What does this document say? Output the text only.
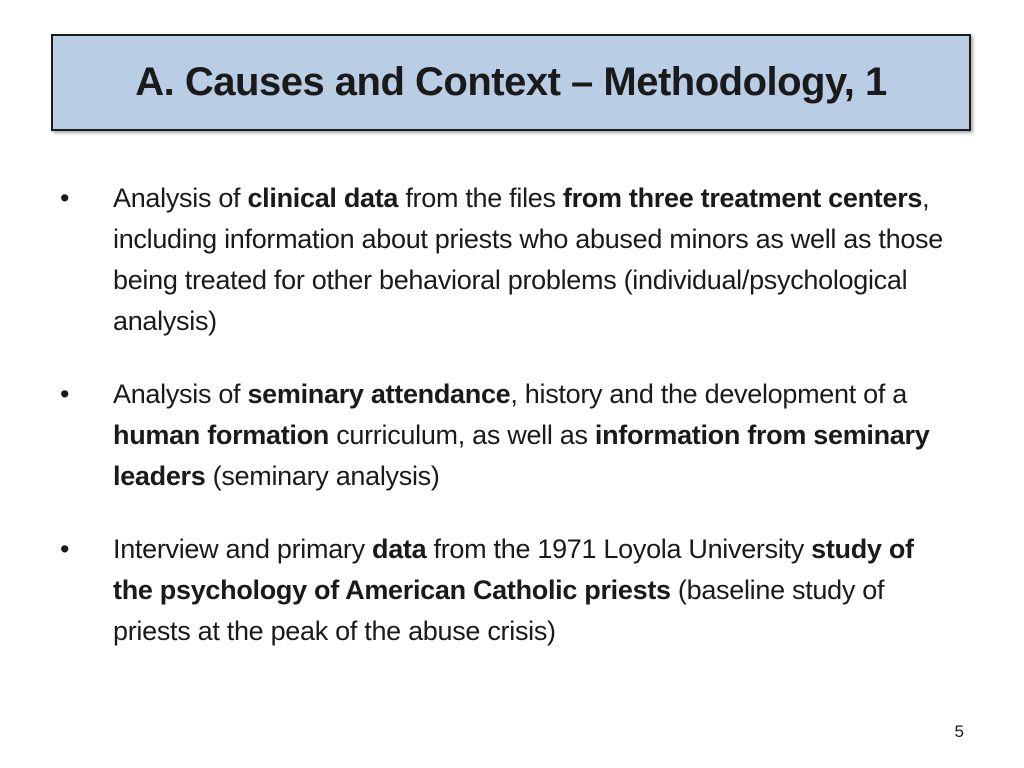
A. Causes and Context – Methodology, 1
•	Analysis of clinical data from the files from three treatment centers, including information about priests who abused minors as well as those being treated for other behavioral problems (individual/psychological analysis)
•	Analysis of seminary attendance, history and the development of a human formation curriculum, as well as information from seminary leaders (seminary analysis)
•	Interview and primary data from the 1971 Loyola University study of the psychology of American Catholic priests (baseline study of priests at the peak of the abuse crisis)
5
